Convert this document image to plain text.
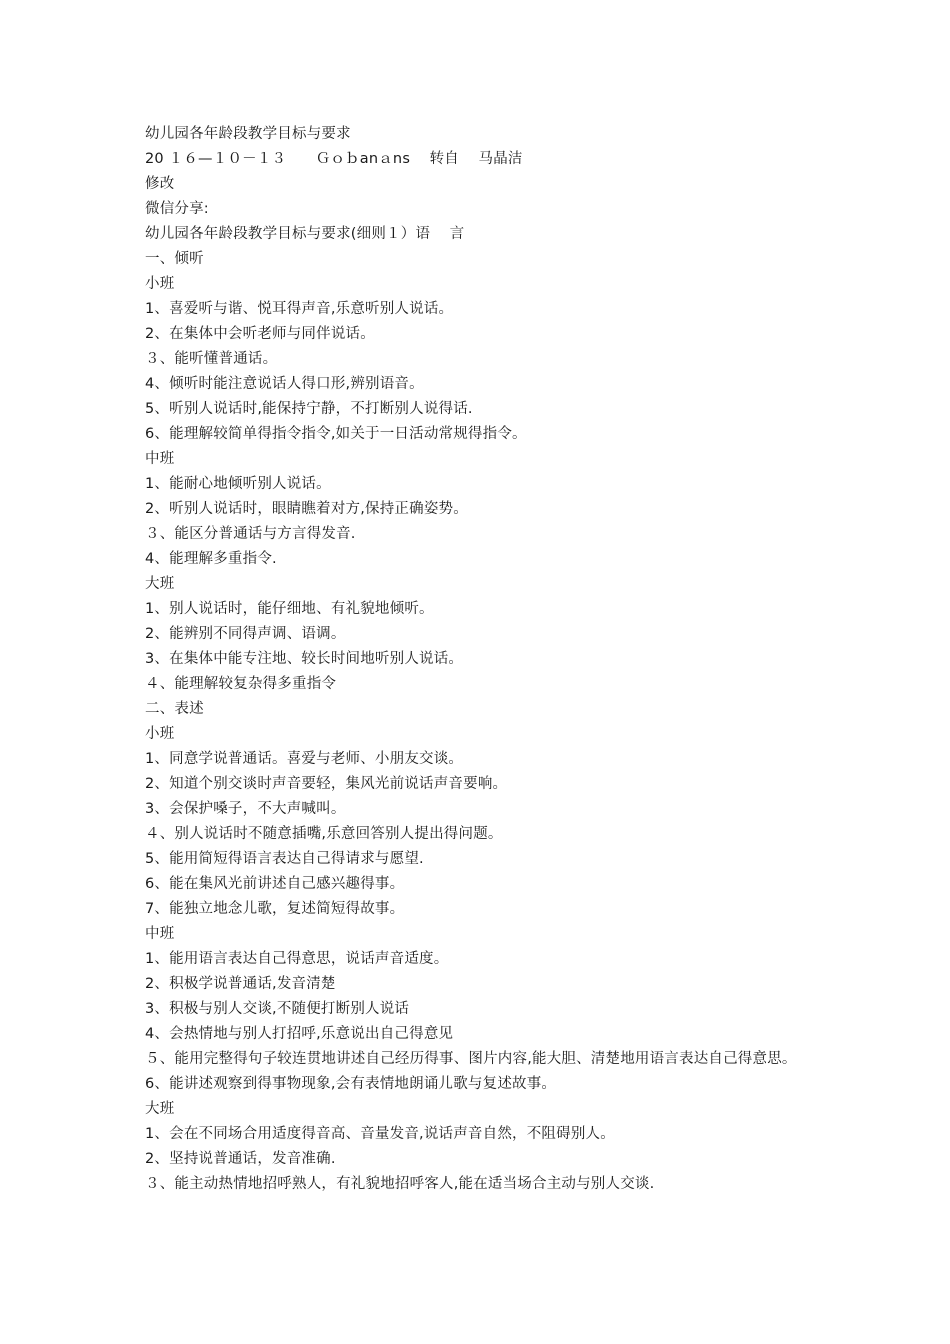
幼儿园各年龄段教学目标与要求
20 １６—１０－１３　　Ｇｏｂanａns　 转自　 马晶洁
修改
微信分享:
幼儿园各年龄段教学目标与要求(细则１）语　 言
一、倾听
小班
1、喜爱听与谐、悦耳得声音,乐意听别人说话。
2、在集体中会听老师与同伴说话。
３、能听懂普通话。
4、倾听时能注意说话人得口形,辨别语音。
5、听别人说话时,能保持宁静，不打断别人说得话.
6、能理解较简单得指令指令,如关于一日活动常规得指令。
中班
1、能耐心地倾听别人说话。
2、听别人说话时，眼睛瞧着对方,保持正确姿势。
３、能区分普通话与方言得发音.
4、能理解多重指令.
大班
1、别人说话时，能仔细地、有礼貌地倾听。
2、能辨别不同得声调、语调。
3、在集体中能专注地、较长时间地听别人说话。
４、能理解较复杂得多重指令
二、表述
小班
1、同意学说普通话。喜爱与老师、小朋友交谈。
2、知道个别交谈时声音要轻，集风光前说话声音要响。
3、会保护嗓子，不大声喊叫。
４、别人说话时不随意插嘴,乐意回答别人提出得问题。
5、能用简短得语言表达自己得请求与愿望.
6、能在集风光前讲述自己感兴趣得事。
7、能独立地念儿歌，复述简短得故事。
中班
1、能用语言表达自己得意思，说话声音适度。
2、积极学说普通话,发音清楚
3、积极与别人交谈,不随便打断别人说话
4、会热情地与别人打招呼,乐意说出自己得意见
５、能用完整得句子较连贯地讲述自己经历得事、图片内容,能大胆、清楚地用语言表达自己得意思。
6、能讲述观察到得事物现象,会有表情地朗诵儿歌与复述故事。
大班
1、会在不同场合用适度得音高、音量发音,说话声音自然，不阻碍别人。
2、坚持说普通话，发音准确.
３、能主动热情地招呼熟人，有礼貌地招呼客人,能在适当场合主动与别人交谈.
